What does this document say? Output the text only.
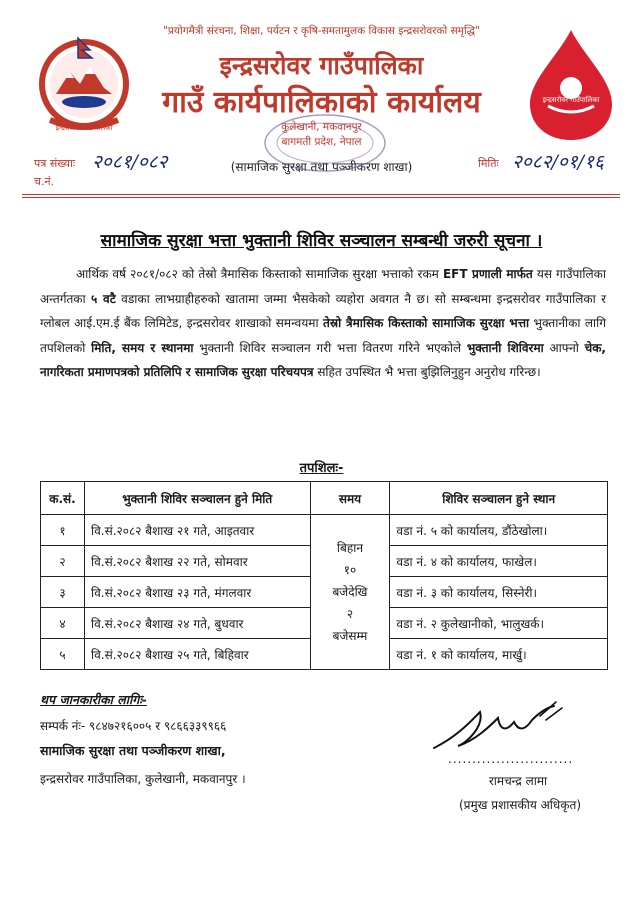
इन्द्रसरोवर गाउँपालिका
इन्द्रसरोवर गाउँपालिका
"प्रयोगमैत्री संरचना, शिक्षा, पर्यटन र कृषि-समतामुलक विकास इन्द्रसरोवरको समृद्धि"
इन्द्रसरोवर गाउँपालिका
गाउँ कार्यपालिकाको कार्यालय
कुलेखानी, मकवानपुर
बागमती प्रदेश, नेपाल
(सामाजिक सुरक्षा तथा पञ्जीकरण शाखा)
पत्र संख्याः २०८१/०८२
च.नं.
मितिः २०८२/०१/१६
सामाजिक सुरक्षा भत्ता भुक्तानी शिविर सञ्चालन सम्बन्धी जरुरी सूचना ।
आर्थिक वर्ष २०८१/०८२ को तेस्रो त्रैमासिक किस्ताको सामाजिक सुरक्षा भत्ताको रकम EFT प्रणाली मार्फत यस गाउँपालिका अन्तर्गतका ५ वटै वडाका लाभग्राहीहरुको खातामा जम्मा भैसकेको व्यहोरा अवगत नै छ। सो सम्बन्धमा इन्द्रसरोवर गाउँपालिका र ग्लोबल आई.एम.ई बैंक लिमिटेड, इन्द्रसरोवर शाखाको समन्वयमा तेस्रो त्रैमासिक किस्ताको सामाजिक सुरक्षा भत्ता भुक्तानीका लागि तपशिलको मिति, समय र स्थानमा भुक्तानी शिविर सञ्चालन गरी भत्ता वितरण गरिने भएकोले भुक्तानी शिविरमा आफ्नो चेक, नागरिकता प्रमाणपत्रको प्रतिलिपि र सामाजिक सुरक्षा परिचयपत्र सहित उपस्थित भै भत्ता बुझिलिनुहुन अनुरोध गरिन्छ।
तपशिलः-
क.सं.	भुक्तानी शिविर सञ्चालन हुने मिति	समय	शिविर सञ्चालन हुने स्थान
१	वि.सं.२०८२ बैशाख २१ गते, आइतवार	बिहान
१०
बजेदेखि
२
बजेसम्म	वडा नं. ५ को कार्यालय, डौंठेखोला।
२	वि.सं.२०८२ बैशाख २२ गते, सोमवार		वडा नं. ४ को कार्यालय, फाखेल।
३	वि.सं.२०८२ बैशाख २३ गते, मंगलवार		वडा नं. ३ को कार्यालय, सिस्नेरी।
४	वि.सं.२०८२ बैशाख २४ गते, बुधवार		वडा नं. २ कुलेखानीको, भालुखर्क।
५	वि.सं.२०८२ बैशाख २५ गते, बिहिवार		वडा नं. १ को कार्यालय, मार्खु।
थप जानकारीका लागिः-
सम्पर्क नंः- ९८४७२१६००५ र ९८६६३३९९६६
सामाजिक सुरक्षा तथा पञ्जीकरण शाखा,
इन्द्रसरोवर गाउँपालिका, कुलेखानी, मकवानपुर ।
..........................
रामचन्द्र लामा
(प्रमुख प्रशासकीय अधिकृत)
